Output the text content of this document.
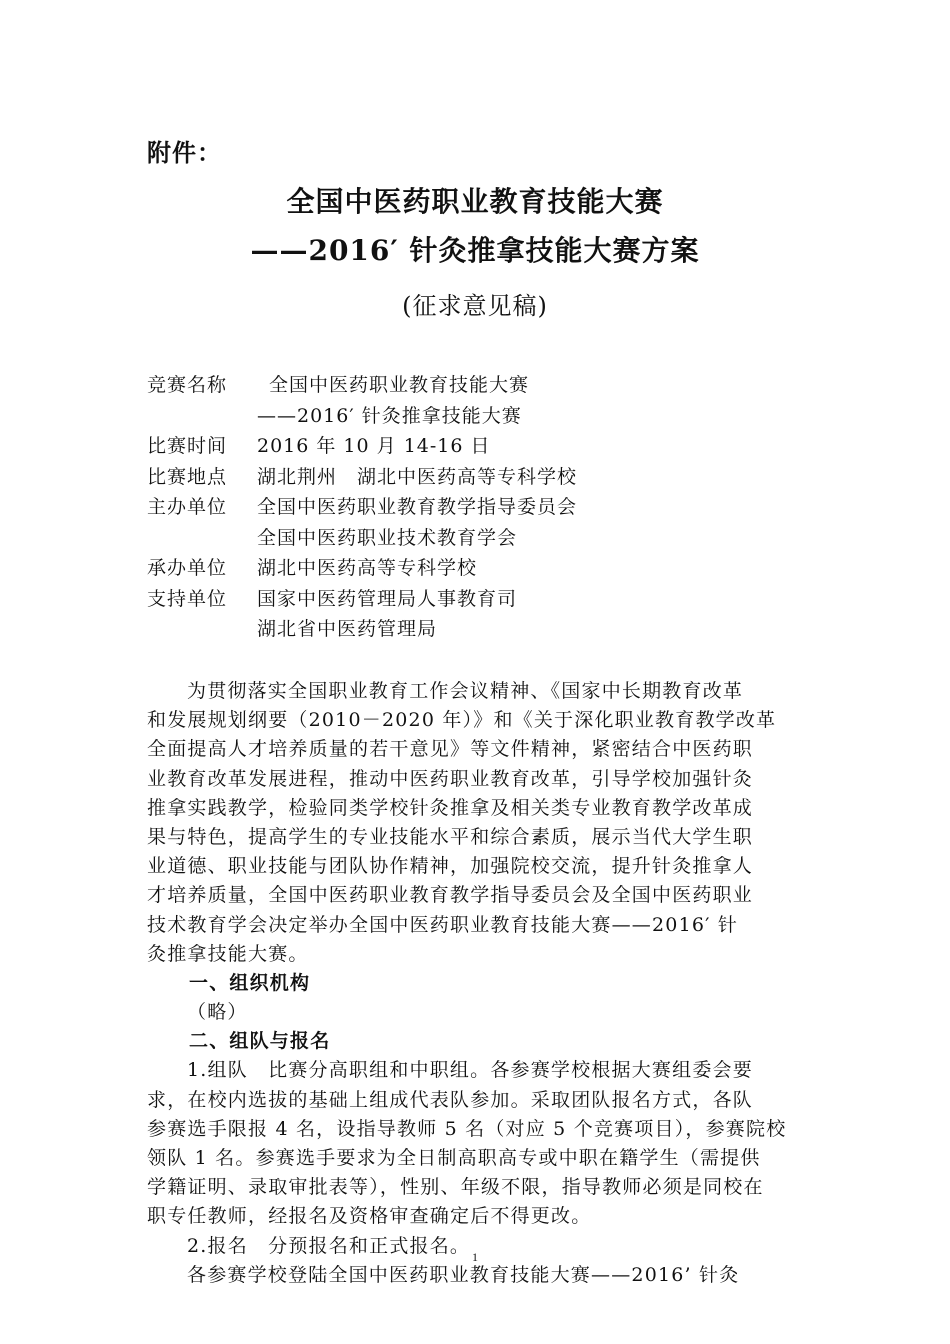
附件：
全国中医药职业教育技能大赛
——2016′ 针灸推拿技能大赛方案
(征求意见稿)
竞赛名称	全国中医药职业教育技能大赛
——2016′ 针灸推拿技能大赛
比赛时间	2016 年 10 月 14-16 日
比赛地点	湖北荆州　湖北中医药高等专科学校
主办单位	全国中医药职业教育教学指导委员会
全国中医药职业技术教育学会
承办单位	湖北中医药高等专科学校
支持单位	国家中医药管理局人事教育司
湖北省中医药管理局
为贯彻落实全国职业教育工作会议精神、《国家中长期教育改革
和发展规划纲要（2010－2020 年）》和《关于深化职业教育教学改革
全面提高人才培养质量的若干意见》等文件精神，紧密结合中医药职
业教育改革发展进程，推动中医药职业教育改革，引导学校加强针灸
推拿实践教学，检验同类学校针灸推拿及相关类专业教育教学改革成
果与特色，提高学生的专业技能水平和综合素质，展示当代大学生职
业道德、职业技能与团队协作精神，加强院校交流，提升针灸推拿人
才培养质量，全国中医药职业教育教学指导委员会及全国中医药职业
技术教育学会决定举办全国中医药职业教育技能大赛——2016′ 针
灸推拿技能大赛。
一、组织机构
（略）
二、组队与报名
1.组队　比赛分高职组和中职组。各参赛学校根据大赛组委会要
求，在校内选拔的基础上组成代表队参加。采取团队报名方式，各队
参赛选手限报 4 名，设指导教师 5 名（对应 5 个竞赛项目），参赛院校
领队 1 名。参赛选手要求为全日制高职高专或中职在籍学生（需提供
学籍证明、录取审批表等），性别、年级不限，指导教师必须是同校在
职专任教师，经报名及资格审查确定后不得更改。
2.报名　分预报名和正式报名。
各参赛学校登陆全国中医药职业教育技能大赛——2016’ 针灸
1
